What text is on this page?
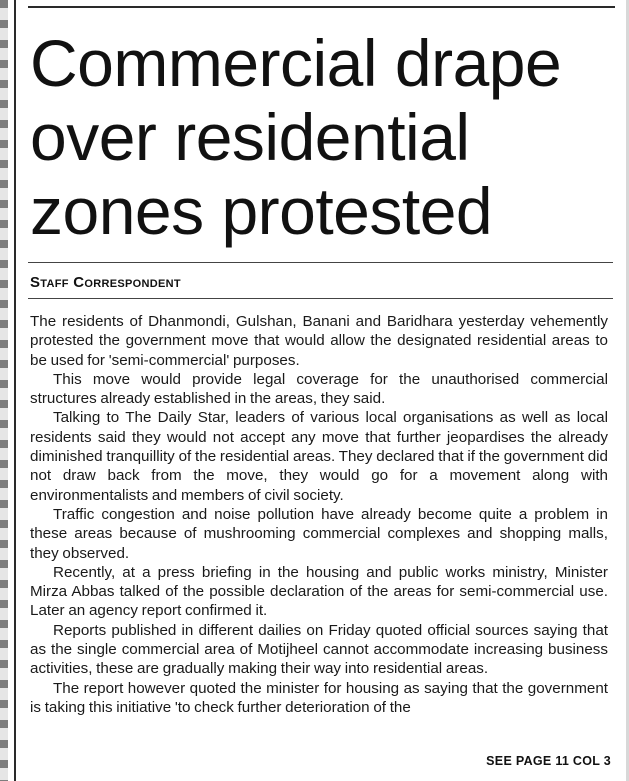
Commercial drape
over residential
zones protested

Staff Correspondent

The residents of Dhanmondi, Gulshan, Banani and Baridhara yesterday vehemently protested the government move that would allow the designated residential areas to be used for 'semi-commercial' purposes.

This move would provide legal coverage for the unauthorised commercial structures already established in the areas, they said.

Talking to The Daily Star, leaders of various local organisations as well as local residents said they would not accept any move that further jeopardises the already diminished tranquillity of the residential areas. They declared that if the government did not draw back from the move, they would go for a movement along with environmentalists and members of civil society.

Traffic congestion and noise pollution have already become quite a problem in these areas because of mushrooming commercial complexes and shopping malls, they observed.

Recently, at a press briefing in the housing and public works ministry, Minister Mirza Abbas talked of the possible declaration of the areas for semi-commercial use. Later an agency report confirmed it.

Reports published in different dailies on Friday quoted official sources saying that as the single commercial area of Motijheel cannot accommodate increasing business activities, these are gradually making their way into residential areas.

The report however quoted the minister for housing as saying that the government is taking this initiative 'to check further deterioration of the

SEE PAGE 11 COL 3
